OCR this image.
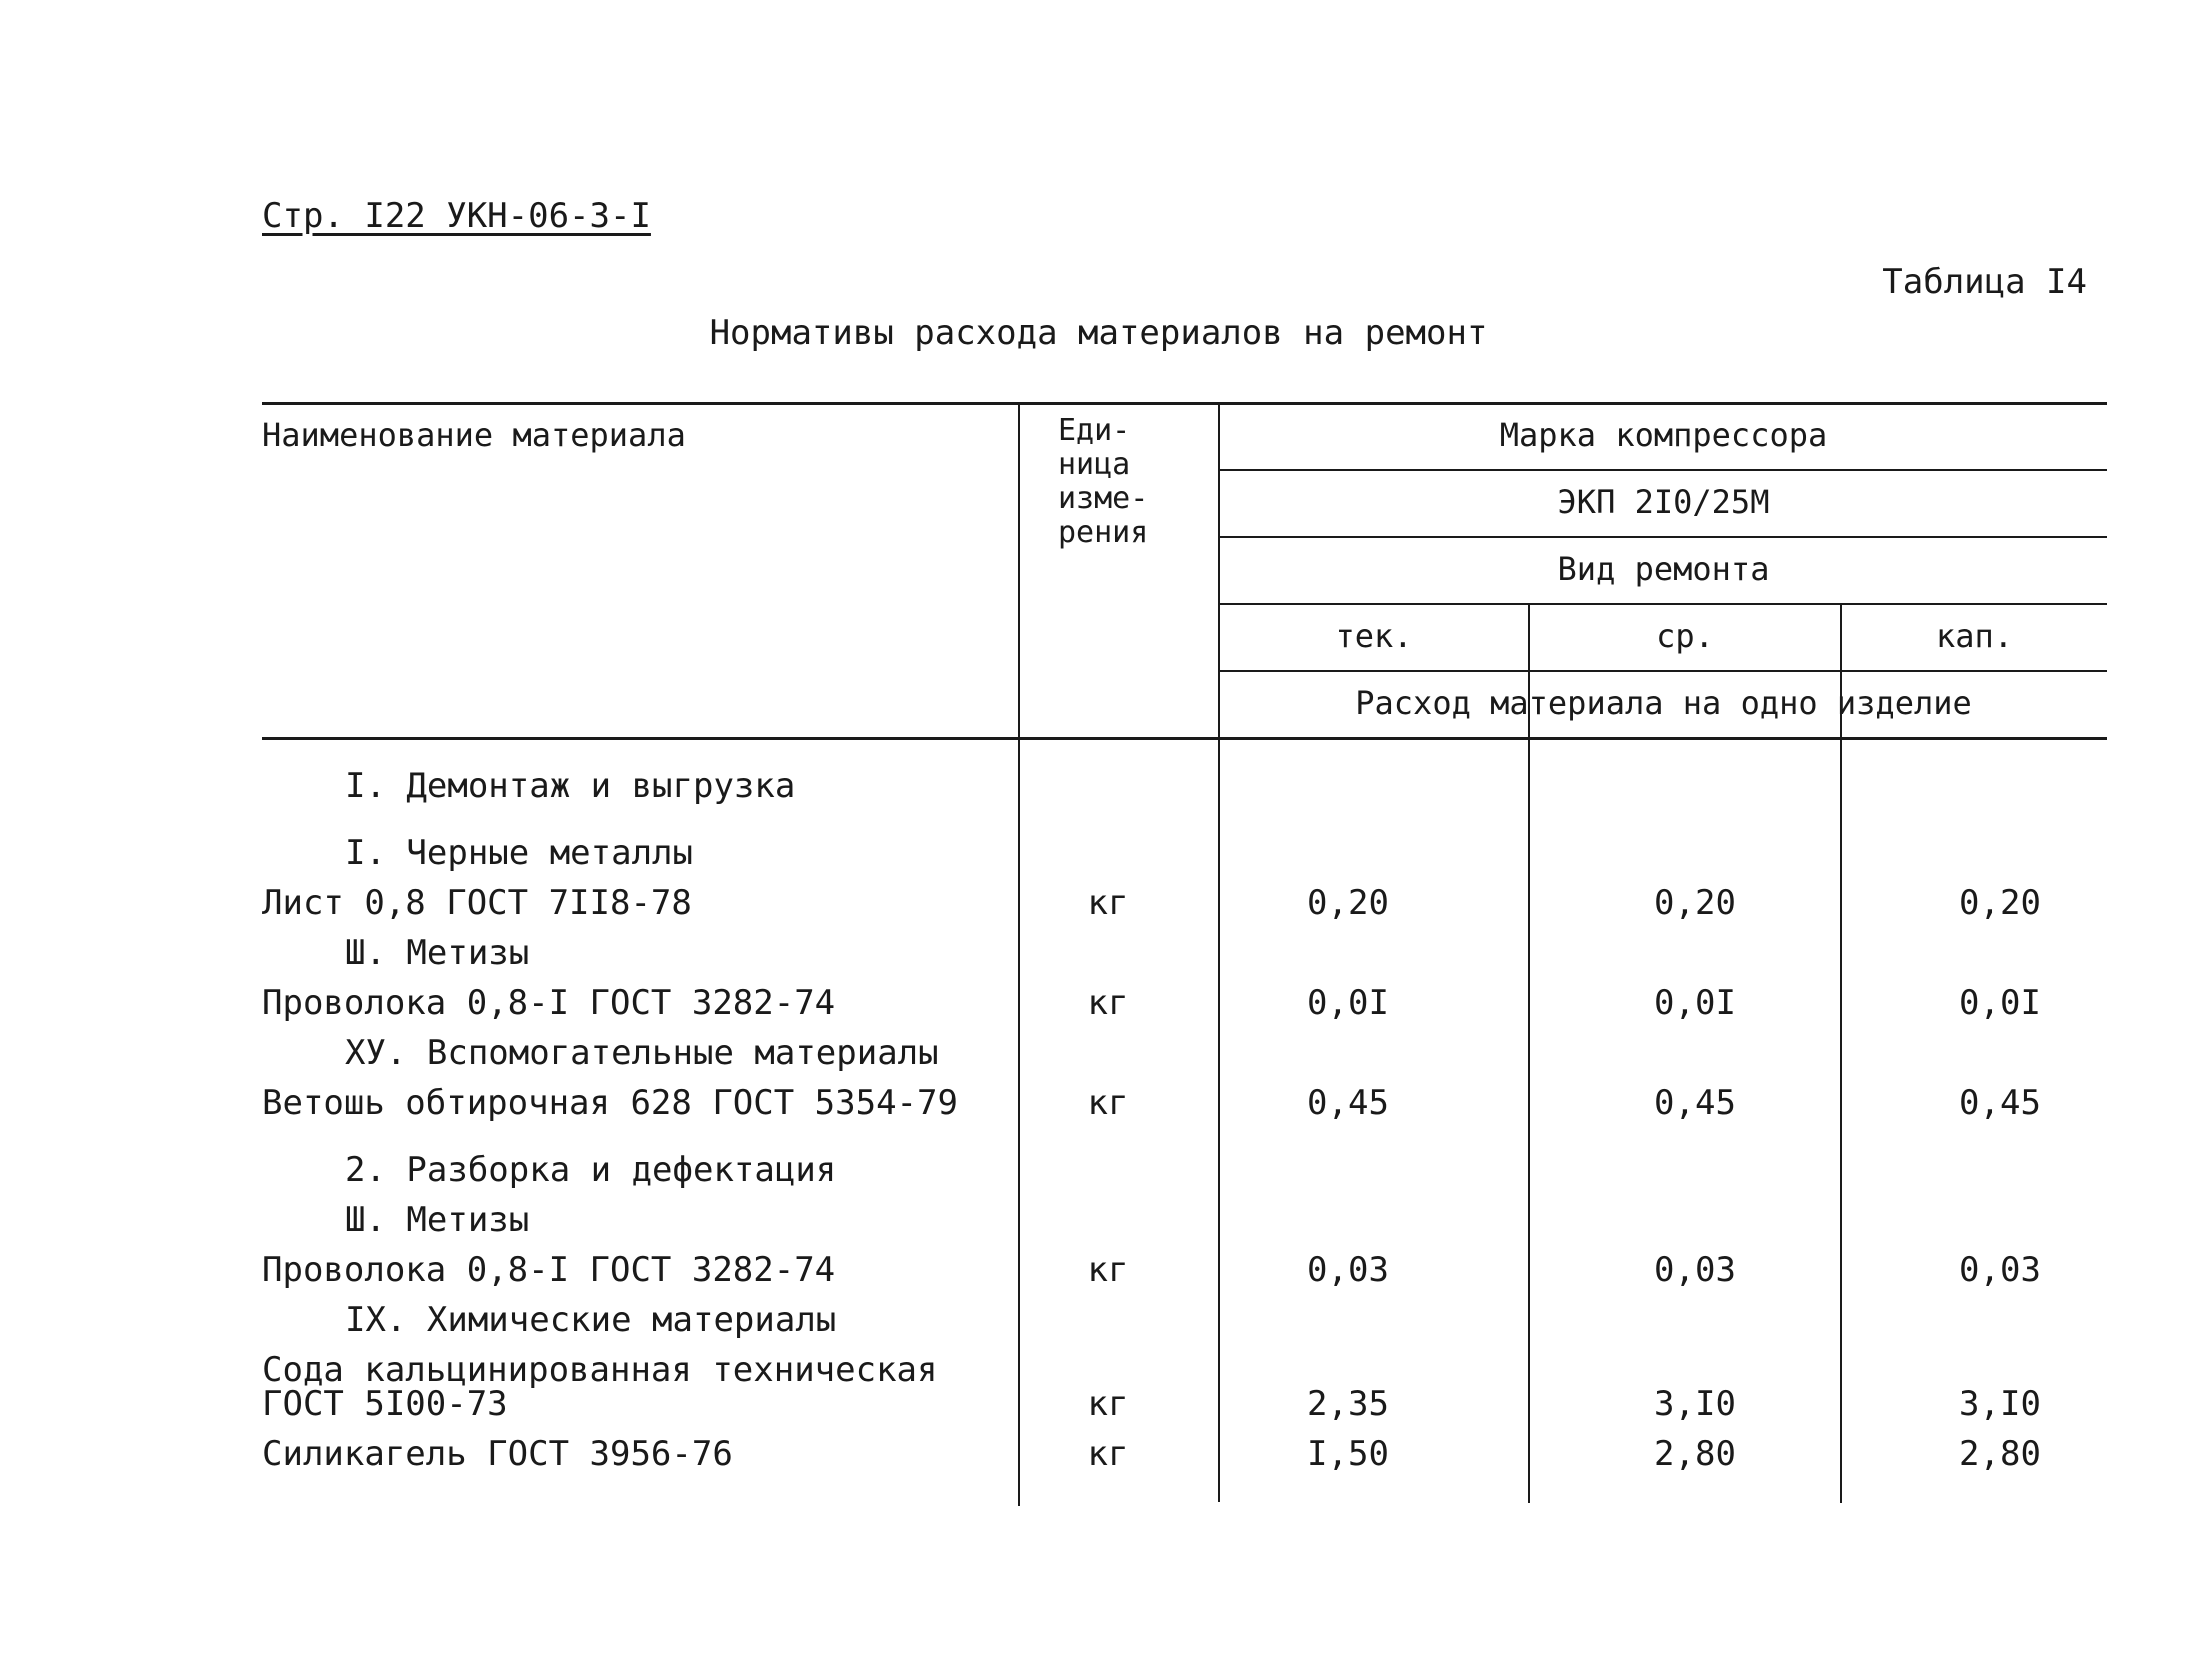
Стр. I22 УКН-06-3-I
Таблица I4
Нормативы расхода материалов на ремонт
Наименование материала	Еди- ница изме- рения
Марка компрессора
ЭКП 2I0/25М
Вид ремонта
тек.	ср.	кап.
Расход материала на одно изделие
I. Демонтаж и выгрузка
I. Черные металлы
Лист 0,8 ГОСТ 7II8-78	кг	0,20	0,20	0,20
Ш. Метизы
Проволока 0,8-I ГОСТ 3282-74	кг	0,0I	0,0I	0,0I
ХУ. Вспомогательные материалы
Ветошь обтирочная 628 ГОСТ 5354-79	кг	0,45	0,45	0,45
2. Разборка и дефектация
Ш. Метизы
Проволока 0,8-I ГОСТ 3282-74	кг	0,03	0,03	0,03
IX. Химические материалы
Сода кальцинированная техническая
ГОСТ 5I00-73	кг	2,35	3,I0	3,I0
Силикагель ГОСТ 3956-76	кг	I,50	2,80	2,80
